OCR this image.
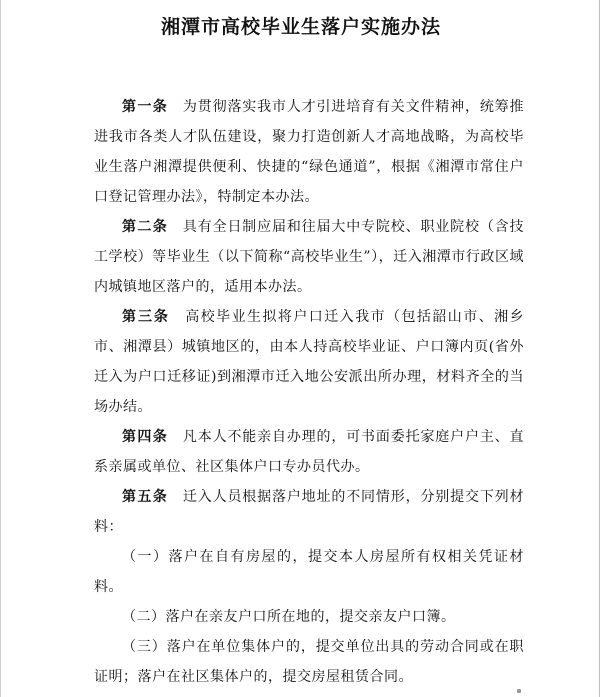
湘潭市高校毕业生落户实施办法

第一条　 为贯彻落实我市人才引进培育有关文件精神，统筹推进我市各类人才队伍建设，聚力打造创新人才高地战略，为高校毕业生落户湘潭提供便利、快捷的“绿色通道”，根据《湘潭市常住户口登记管理办法》，特制定本办法。

第二条　 具有全日制应届和往届大中专院校、职业院校（含技工学校）等毕业生（以下简称“高校毕业生”），迁入湘潭市行政区域内城镇地区落户的，适用本办法。

第三条　 高校毕业生拟将户口迁入我市（包括韶山市、湘乡市、湘潭县）城镇地区的，由本人持高校毕业证、户口簿内页(省外迁入为户口迁移证)到湘潭市迁入地公安派出所办理，材料齐全的当场办结。

第四条　 凡本人不能亲自办理的，可书面委托家庭户户主、直系亲属或单位、社区集体户口专办员代办。

第五条　 迁入人员根据落户地址的不同情形，分别提交下列材料：

（一）落户在自有房屋的，提交本人房屋所有权相关凭证材料。

（二）落户在亲友户口所在地的，提交亲友户口簿。

（三）落户在单位集体户的，提交单位出具的劳动合同或在职证明；落户在社区集体户的，提交房屋租赁合同。
